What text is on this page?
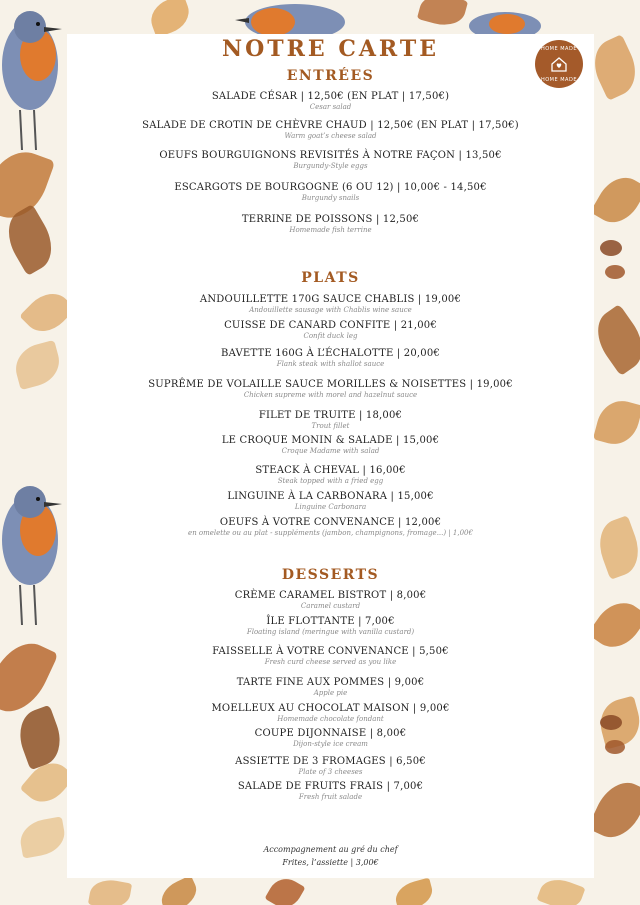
NOTRE CARTE	HOME MADE
HOME MADE
ENTRÉES
SALADE CÉSAR | 12,50€ (EN PLAT | 17,50€)
Cesar salad
SALADE DE CROTIN DE CHÈVRE CHAUD | 12,50€ (EN PLAT | 17,50€)
Warm goat’s cheese salad
OEUFS BOURGUIGNONS REVISITÉS À NOTRE FAÇON | 13,50€
Burgundy-Style eggs
ESCARGOTS DE BOURGOGNE (6 OU 12) | 10,00€ - 14,50€
Burgundy snails
TERRINE DE POISSONS | 12,50€
Homemade fish terrine
PLATS
ANDOUILLETTE 170G SAUCE CHABLIS | 19,00€
Andouillette sausage with Chablis wine sauce
CUISSE DE CANARD CONFITE | 21,00€
Confit duck leg
BAVETTE 160G À L’ÉCHALOTTE | 20,00€
Flank steak with shallot sauce
SUPRÊME DE VOLAILLE SAUCE MORILLES & NOISETTES | 19,00€
Chicken supreme with morel and hazelnut sauce
FILET DE TRUITE | 18,00€
Trout fillet
LE CROQUE MONIN & SALADE | 15,00€
Croque Madame with salad
STEACK À CHEVAL | 16,00€
Steak topped with a fried egg
LINGUINE À LA CARBONARA | 15,00€
Linguine Carbonara
OEUFS À VOTRE CONVENANCE | 12,00€
en omelette ou au plat - suppléments (jambon, champignons, fromage...) | 1,00€
DESSERTS
CRÈME CARAMEL BISTROT | 8,00€
Caramel custard
ÎLE FLOTTANTE | 7,00€
Floating island (meringue with vanilla custard)
FAISSELLE À VOTRE CONVENANCE | 5,50€
Fresh curd cheese served as you like
TARTE FINE AUX POMMES | 9,00€
Apple pie
MOELLEUX AU CHOCOLAT MAISON | 9,00€
Homemade chocolate fondant
COUPE DIJONNAISE | 8,00€
Dijon-style ice cream
ASSIETTE DE 3 FROMAGES | 6,50€
Plate of 3 cheeses
SALADE DE FRUITS FRAIS | 7,00€
Fresh fruit salade
Accompagnement au gré du chef
Frites, l’assiette | 3,00€
